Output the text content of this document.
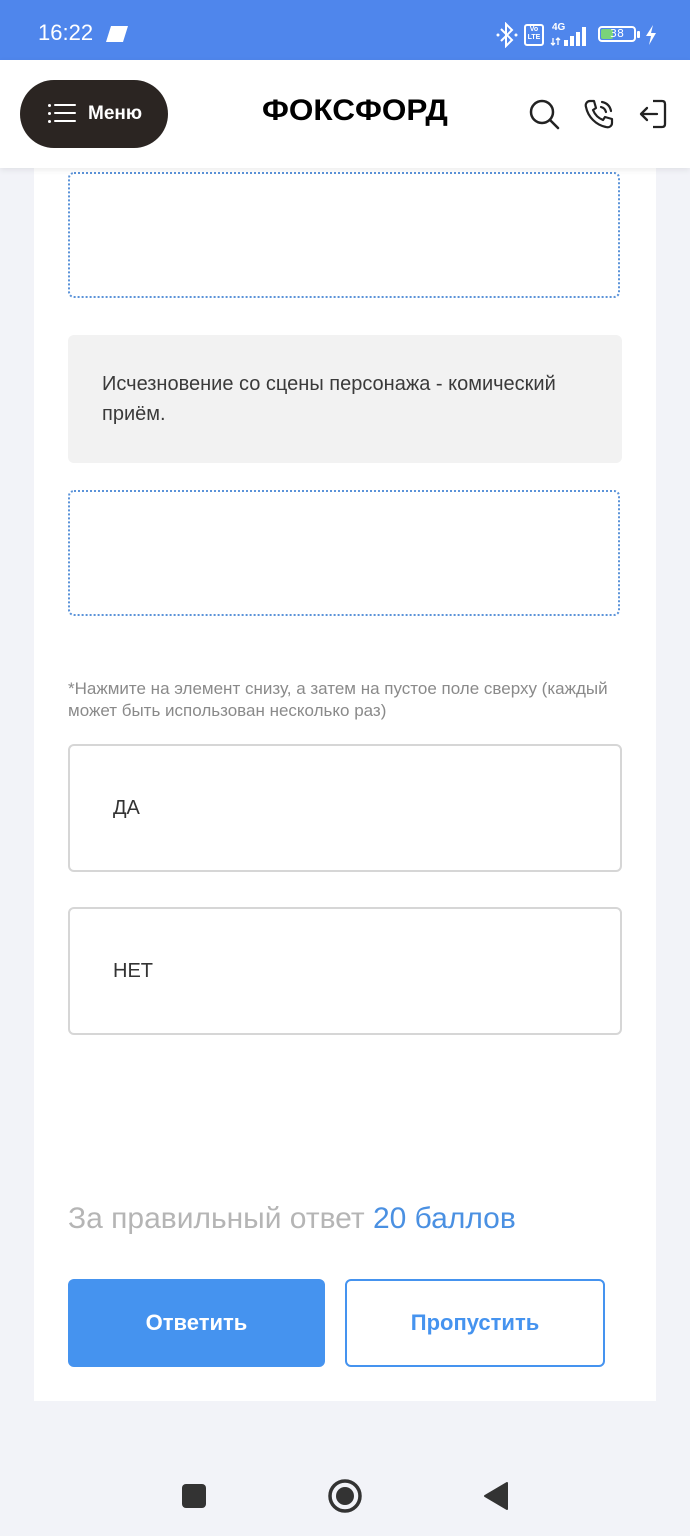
16:22	Vo
LTE
4G	38
Меню	ФОКСФОРД
Исчезновение со сцены персонажа - комический приём.
*Нажмите на элемент снизу, а затем на пустое поле сверху (каждый может быть использован несколько раз)
ДА
НЕТ
За правильный ответ 20 баллов
Ответить	Пропустить
